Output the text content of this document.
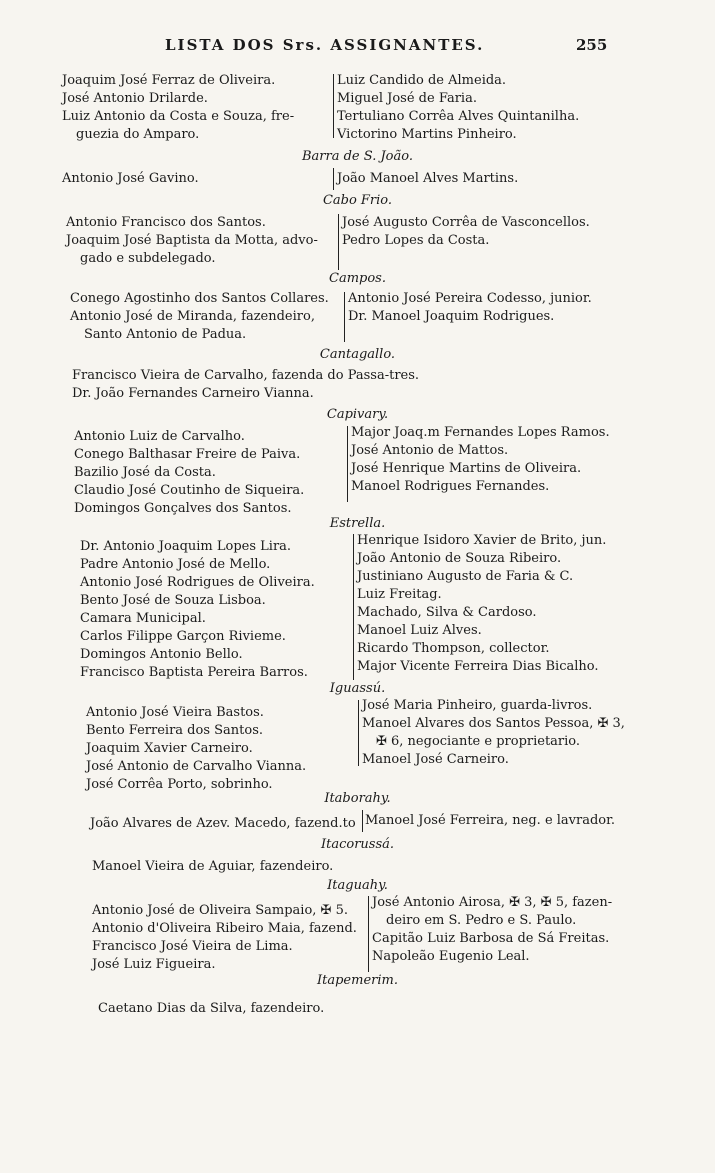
LISTA DOS Srs. ASSIGNANTES.	255
Joaquim José Ferraz de Oliveira.
José Antonio Drilarde.
Luiz Antonio da Costa e Souza, fre-
guezia do Amparo.
Luiz Candido de Almeida.
Miguel José de Faria.
Tertuliano Corrêa Alves Quintanilha.
Victorino Martins Pinheiro.
Barra de S. João.
Antonio José Gavino.	João Manoel Alves Martins.
Cabo Frio.
Antonio Francisco dos Santos.
Joaquim José Baptista da Motta, advo-
gado e subdelegado.
José Augusto Corrêa de Vasconcellos.
Pedro Lopes da Costa.
Campos.
Conego Agostinho dos Santos Collares.
Antonio José de Miranda, fazendeiro,
Santo Antonio de Padua.
Antonio José Pereira Codesso, junior.
Dr. Manoel Joaquim Rodrigues.
Cantagallo.
Francisco Vieira de Carvalho, fazenda do Passa-tres.
Dr. João Fernandes Carneiro Vianna.
Capivary.
Antonio Luiz de Carvalho.
Conego Balthasar Freire de Paiva.
Bazilio José da Costa.
Claudio José Coutinho de Siqueira.
Domingos Gonçalves dos Santos.
Major Joaq.m Fernandes Lopes Ramos.
José Antonio de Mattos.
José Henrique Martins de Oliveira.
Manoel Rodrigues Fernandes.
Estrella.
Dr. Antonio Joaquim Lopes Lira.
Padre Antonio José de Mello.
Antonio José Rodrigues de Oliveira.
Bento José de Souza Lisboa.
Camara Municipal.
Carlos Filippe Garçon Rivieme.
Domingos Antonio Bello.
Francisco Baptista Pereira Barros.
Henrique Isidoro Xavier de Brito, jun.
João Antonio de Souza Ribeiro.
Justiniano Augusto de Faria & C.
Luiz Freitag.
Machado, Silva & Cardoso.
Manoel Luiz Alves.
Ricardo Thompson, collector.
Major Vicente Ferreira Dias Bicalho.
Iguassú.
Antonio José Vieira Bastos.
Bento Ferreira dos Santos.
Joaquim Xavier Carneiro.
José Antonio de Carvalho Vianna.
José Corrêa Porto, sobrinho.
José Maria Pinheiro, guarda-livros.
Manoel Alvares dos Santos Pessoa, ✠ 3,
✠ 6, negociante e proprietario.
Manoel José Carneiro.
Itaborahy.
João Alvares de Azev. Macedo, fazend.to Manoel José Ferreira, neg. e lavrador.
Itacorussá.
Manoel Vieira de Aguiar, fazendeiro.
Itaguahy.
Antonio José de Oliveira Sampaio, ✠ 5.
Antonio d'Oliveira Ribeiro Maia, fazend.
Francisco José Vieira de Lima.
José Luiz Figueira.
José Antonio Airosa, ✠ 3, ✠ 5, fazen-
deiro em S. Pedro e S. Paulo.
Capitão Luiz Barbosa de Sá Freitas.
Napoleão Eugenio Leal.
Itapemerim.
Caetano Dias da Silva, fazendeiro.
